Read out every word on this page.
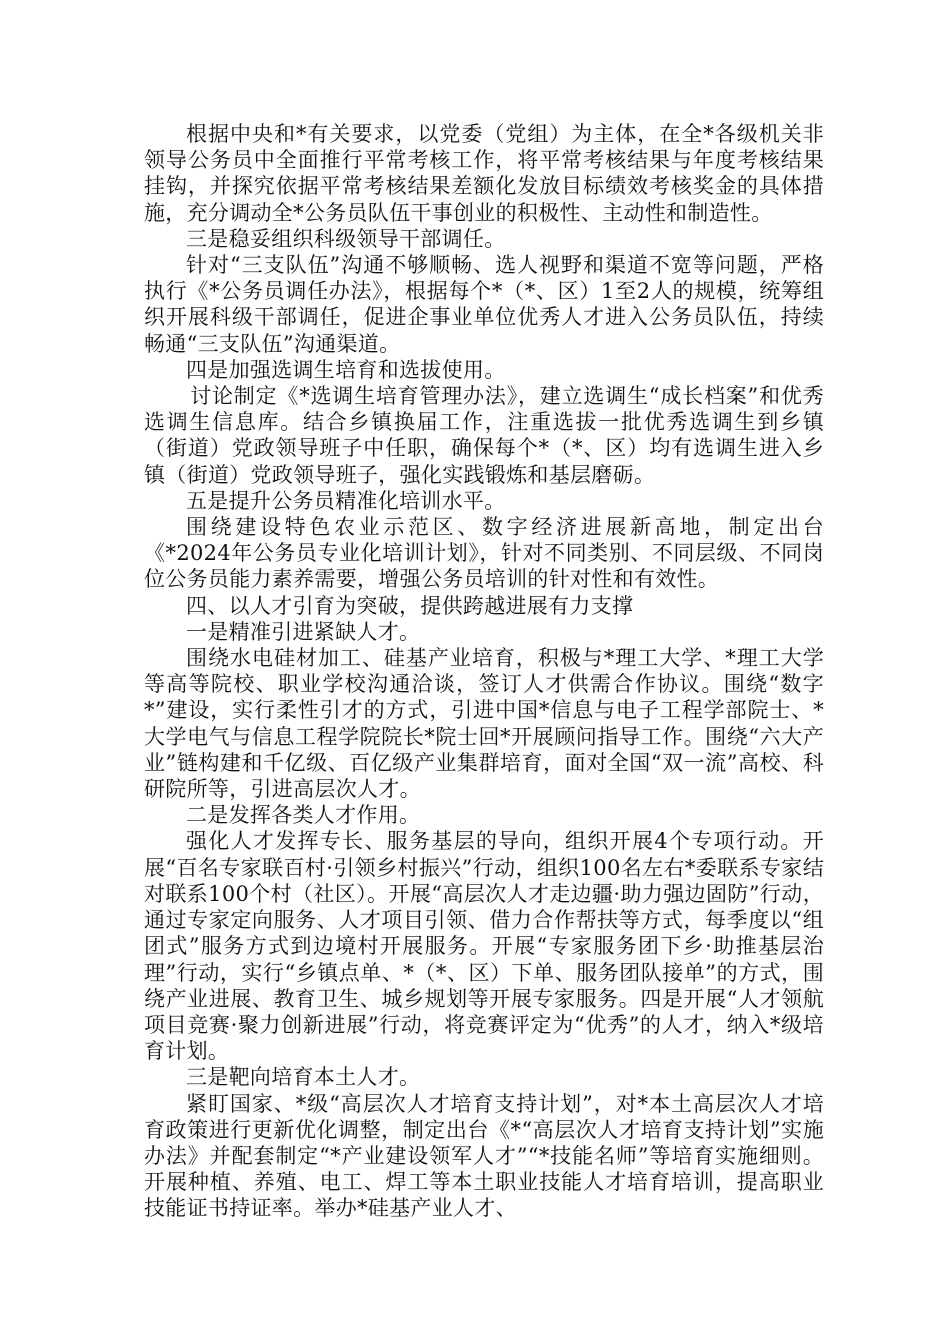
根据中央和*有关要求，以党委（党组）为主体，在全*各级机关非领导公务员中全面推行平常考核工作，将平常考核结果与年度考核结果挂钩，并探究依据平常考核结果差额化发放目标绩效考核奖金的具体措施，充分调动全*公务员队伍干事创业的积极性、主动性和制造性。

三是稳妥组织科级领导干部调任。

针对“三支队伍”沟通不够顺畅、选人视野和渠道不宽等问题，严格执行《*公务员调任办法》，根据每个*（*、区）1至2人的规模，统筹组织开展科级干部调任，促进企事业单位优秀人才进入公务员队伍，持续畅通“三支队伍”沟通渠道。

四是加强选调生培育和选拔使用。

讨论制定《*选调生培育管理办法》，建立选调生“成长档案”和优秀选调生信息库。结合乡镇换届工作，注重选拔一批优秀选调生到乡镇（街道）党政领导班子中任职，确保每个*（*、区）均有选调生进入乡镇（街道）党政领导班子，强化实践锻炼和基层磨砺。

五是提升公务员精准化培训水平。

围绕建设特色农业示范区、数字经济进展新高地，制定出台《*2024年公务员专业化培训计划》，针对不同类别、不同层级、不同岗位公务员能力素养需要，增强公务员培训的针对性和有效性。

四、以人才引育为突破，提供跨越进展有力支撑

一是精准引进紧缺人才。

围绕水电硅材加工、硅基产业培育，积极与*理工大学、*理工大学等高等院校、职业学校沟通洽谈，签订人才供需合作协议。围绕“数字*”建设，实行柔性引才的方式，引进中国*信息与电子工程学部院士、*大学电气与信息工程学院院长*院士回*开展顾问指导工作。围绕“六大产业”链构建和千亿级、百亿级产业集群培育，面对全国“双一流”高校、科研院所等，引进高层次人才。

二是发挥各类人才作用。

强化人才发挥专长、服务基层的导向，组织开展4个专项行动。开展“百名专家联百村·引领乡村振兴”行动，组织100名左右*委联系专家结对联系100个村（社区）。开展“高层次人才走边疆·助力强边固防”行动，通过专家定向服务、人才项目引领、借力合作帮扶等方式，每季度以“组团式”服务方式到边境村开展服务。开展“专家服务团下乡·助推基层治理”行动，实行“乡镇点单、*（*、区）下单、服务团队接单”的方式，围绕产业进展、教育卫生、城乡规划等开展专家服务。四是开展“人才领航项目竞赛·聚力创新进展”行动，将竞赛评定为“优秀”的人才，纳入*级培育计划。

三是靶向培育本土人才。

紧盯国家、*级“高层次人才培育支持计划”，对*本土高层次人才培育政策进行更新优化调整，制定出台《*“高层次人才培育支持计划”实施办法》并配套制定“*产业建设领军人才”“*技能名师”等培育实施细则。开展种植、养殖、电工、焊工等本土职业技能人才培育培训，提高职业技能证书持证率。举办*硅基产业人才、
